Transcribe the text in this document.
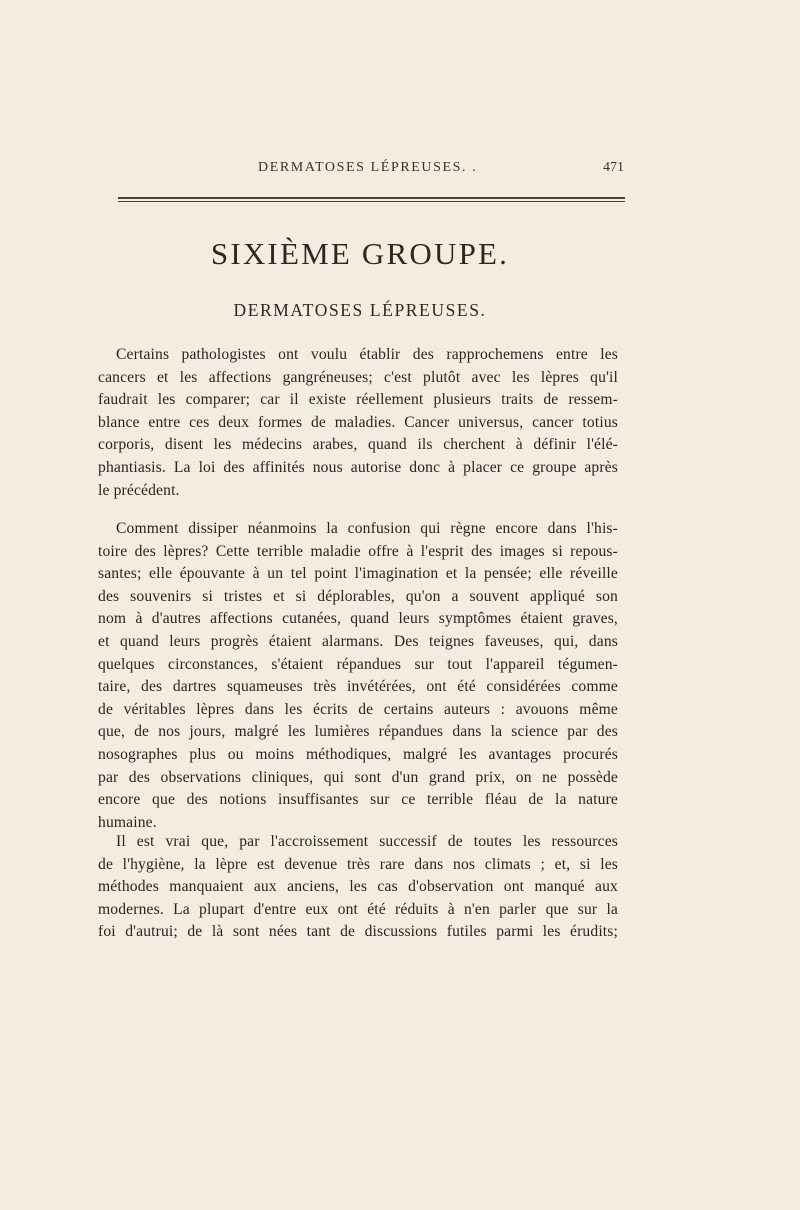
DERMATOSES LÉPREUSES. .	471
SIXIÈME GROUPE.
DERMATOSES LÉPREUSES.
Certains pathologistes ont voulu établir des rapprochemens entre les
cancers et les affections gangréneuses; c'est plutôt avec les lèpres qu'il
faudrait les comparer; car il existe réellement plusieurs traits de ressem-
blance entre ces deux formes de maladies. Cancer universus, cancer totius
corporis, disent les médecins arabes, quand ils cherchent à définir l'élé-
phantiasis. La loi des affinités nous autorise donc à placer ce groupe après
le précédent.
Comment dissiper néanmoins la confusion qui règne encore dans l'his-
toire des lèpres? Cette terrible maladie offre à l'esprit des images si repous-
santes; elle épouvante à un tel point l'imagination et la pensée; elle réveille
des souvenirs si tristes et si déplorables, qu'on a souvent appliqué son
nom à d'autres affections cutanées, quand leurs symptômes étaient graves,
et quand leurs progrès étaient alarmans. Des teignes faveuses, qui, dans
quelques circonstances, s'étaient répandues sur tout l'appareil tégumen-
taire, des dartres squameuses très invétérées, ont été considérées comme
de véritables lèpres dans les écrits de certains auteurs : avouons même
que, de nos jours, malgré les lumières répandues dans la science par des
nosographes plus ou moins méthodiques, malgré les avantages procurés
par des observations cliniques, qui sont d'un grand prix, on ne possède
encore que des notions insuffisantes sur ce terrible fléau de la nature
humaine.
Il est vrai que, par l'accroissement successif de toutes les ressources
de l'hygiène, la lèpre est devenue très rare dans nos climats ; et, si les
méthodes manquaient aux anciens, les cas d'observation ont manqué aux
modernes. La plupart d'entre eux ont été réduits à n'en parler que sur la
foi d'autrui; de là sont nées tant de discussions futiles parmi les érudits;
